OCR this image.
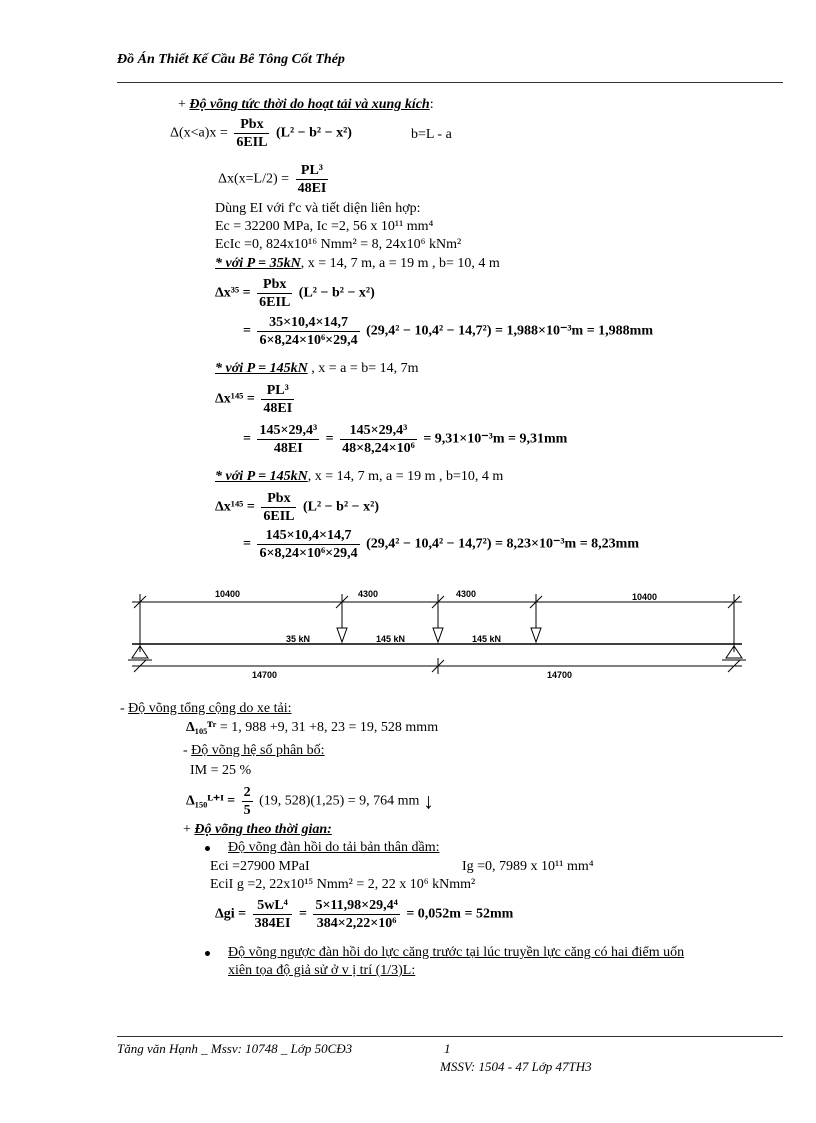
Đồ Án Thiết Kế Cầu Bê Tông Cốt Thép
+ Độ võng tức thời do hoạt tải và xung kích:
$\Delta(x<a)x = \frac{\text{Pbx}}{\text{6EIL}} (L^2 - b^2 - x^2)$	b=L - a
$\Delta x(x=L/2) = \frac{\text{PL³}}{48EI}$
Dùng EI với f'c và tiết diện liên hợp:
Ec = 32200 MPa, Ic =2, 56 x 10¹¹ mm⁴
EcIc =0, 824x10¹⁶ Nmm² = 8, 24x10⁶ kNm²
* với P = 35kN, x = 14, 7 m, a = 19 m , b= 10, 4 m
$\Delta x^{35} = \frac{\text{Pbx}}{\text{6EIL}} (L^2 - b^2 - x^2)$
= $\frac{35\times 10,4\times 14,7}{\text{6×8,24×10⁶×29,4}} (29,4^2 - 10,4^2 - 14,7^2) = 1,988\times 10^{-3}m = 1,988mm$
* với P = 145kN , x = a = b= 14, 7m
$\Delta x^{145} = \frac{\text{PL³}}{48EI}$
= $\frac{\text{145×29,4³}}{48EI} = \frac{\text{145×29,4³}}{\text{48×8,24×10⁶}} = 9,31\times 10^{-3}m = 9,31mm$
* với P = 145kN, x = 14, 7 m, a = 19 m , b=10, 4 m
$\Delta x^{145} = \frac{\text{Pbx}}{\text{6EIL}} (L^2 - b^2 - x^2)$
= $\frac{145\times 10,4\times 14,7}{\text{6×8,24×10⁶×29,4}} (29,4^2 - 10,4^2 - 14,7^2) = 8,23\times 10^{-3}m = 8,23mm$
10400	4300	4300	10400
35 kN	145 kN	145 kN
14700	14700
- Độ võng tổng cộng do xe tải:
Δ₁₀₅ᵀʳ = 1, 988 +9, 31 +8, 23 = 19, 528 mmm
- Độ võng hệ số phân bố:
IM = 25 %
Δ₁₅₀ᴸ⁺ᴵ = $\frac{2}{5} (19$, 528)(1,25) = 9, 764 mm ↓
+ Độ võng theo thời gian:
Độ võng đàn hồi do tải bản thân dầm:
Eci =27900 MPaI	Ig =0, 7989 x 10¹¹ mm⁴
EciI g =2, 22x10¹⁵ Nmm² = 2, 22 x 10⁶ kNmm²
$\Delta gi = \frac{\text{5wL⁴}}{384EI} = \frac{\text{5×11,98×29,4⁴}}{\text{384×2,22×10⁶}} = 0,052m = 52mm$
Độ võng ngược đàn hồi do lực căng trước tại lúc truyền lực căng có hai điểm uốn
xiên tọa độ giả sử ở v ị trí (1/3)L:
Tăng văn Hạnh _ Mssv: 10748 _ Lớp 50CĐ3	1
MSSV: 1504 - 47 Lớp 47TH3
